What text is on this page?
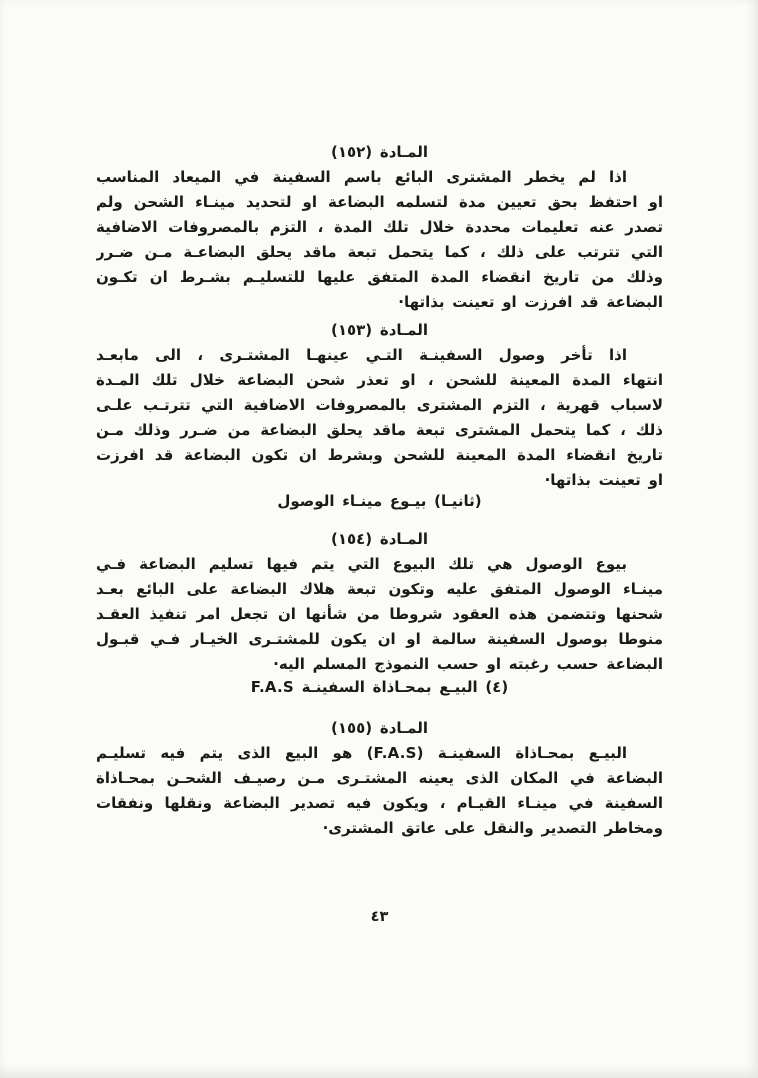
المـادة (١٥٢)
اذا لم يخطر المشترى البائع باسم السفينة في الميعاد المناسب
او احتفظ بحق تعيين مدة لتسلمه البضاعة او لتحديد مينـاء الشحن ولم
تصدر عنه تعليمات محددة خلال تلك المدة ، التزم بالمصروفات الاضافية
التي تترتب على ذلك ، كما يتحمل تبعة ماقد يحلق البضاعـة مـن ضـرر
وذلك من تاريخ انقضاء المدة المتفق عليها للتسليـم بشـرط ان تكـون
البضاعة قد افرزت او تعينت بذاتها·
المـادة (١٥٣)
اذا تأخر وصول السفينـة التـي عينهـا المشتـرى ، الى مابعـد
انتهاء المدة المعينة للشحن ، او تعذر شحن البضاعة خلال تلك المـدة
لاسباب قهرية ، التزم المشترى بالمصروفات الاضافية التي تترتـب علـى
ذلك ، كما يتحمل المشترى تبعة ماقد يحلق البضاعة من ضـرر وذلك مـن
تاريخ انقضاء المدة المعينة للشحن وبشرط ان تكون البضاعة قد افرزت
او تعينت بذاتها·
(ثانيـا) بيـوع مينـاء الوصول
المـادة (١٥٤)
بيوع الوصول هي تلك البيوع التي يتم فيها تسليم البضاعة فـي
مينـاء الوصول المتفق عليه وتكون تبعة هلاك البضاعة على البائع بعـد
شحنها وتتضمن هذه العقود شروطا من شأنها ان تجعل امر تنفيذ العقـد
منوطا بوصول السفينة سالمة او ان يكون للمشتـرى الخيـار فـي قبـول
البضاعة حسب رغبته او حسب النموذج المسلم اليه·
(٤) البيـع بمحـاذاة السفينـة F.A.S
المـادة (١٥٥)
البيـع بمحـاذاة السفينـة (F.A.S) هو البيع الذى يتم فيه تسليـم
البضاعة في المكان الذى يعينه المشتـرى مـن رصيـف الشحـن بمحـاذاة
السفينة في مينـاء القيـام ، ويكون فيه تصدير البضاعة ونقلها ونفقات
ومخاطر التصدير والنقل على عاتق المشترى·
٤٣
